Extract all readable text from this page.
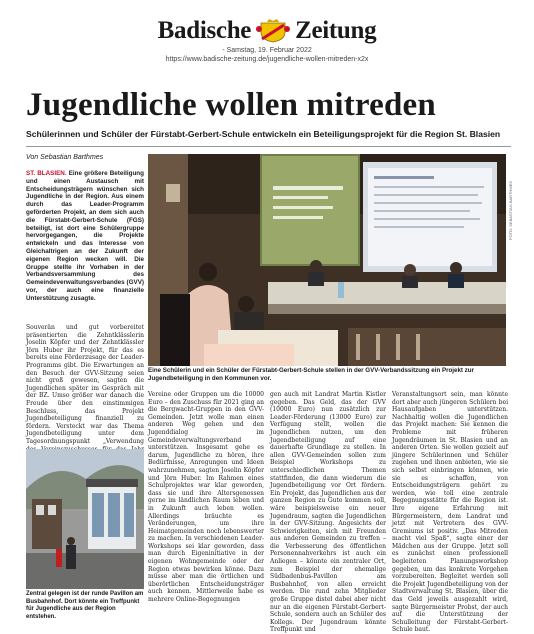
Badische Zeitung
- Samstag, 19. Februar 2022
https://www.badische-zeitung.de/jugendliche-wollen-mitreden-x2x
Jugendliche wollen mitreden
Schülerinnen und Schüler der Fürstabt-Gerbert-Schule entwickeln ein Beteiligungsprojekt für die Region St. Blasien
Von Sebastian Barthmes
ST. BLASIEN. Eine größere Beteiligung und einen Austausch mit Entscheidungsträgern wünschen sich Jugendliche in der Region. Aus einem durch das Leader-Programm geförderten Projekt, an dem sich auch die Fürstabt-Gerbert-Schule (FGS) beteiligt, ist dort eine Schülergruppe hervorgegangen, die Projekte entwickeln und das Interesse von Gleichaltrigen an der Zukunft der eigenen Region wecken will. Die Gruppe stellte ihr Vorhaben in der Verbandsversammlung des Gemeindeverwaltungsverbandes (GVV) vor, der auch eine finanzielle Unterstützung zusagte.
Souverän und gut vorbereitet präsentierten die Zehntklässlerin Joselin Köpfer und der Zehntklässler Jörn Huber ihr Projekt, für das es bereits eine Förderzusage der Leader-Programms gibt. Die Erwartungen an den Besuch der GVV-Sitzung seien nicht groß gewesen, sagten die Jugendlichen später im Gespräch mit der BZ. Umso größer war danach die Freude über den einstimmigen Beschluss, das Projekt Jugendbeteiligung finanziell zu fördern. Versteckt war das Thema Jugendbeteiligung unter dem Tagesordnungspunkt „Verwendung
FOTO: SEBASTIAN BARTHMES
Eine Schülerin und ein Schüler der Fürstabt-Gerbert-Schule stellen in der GVV-Verbandssitzung ein Projekt zur Jugendbeteiligung in den Kommunen vor.
Vereine oder Gruppen um die 10000 Euro – den Zuschuss für 2021 ging an die Bergwacht-Gruppen in den GVV-Gemeinden. Jetzt wolle man einen anderen Weg gehen und den Jugenddialog im Gemeindeverwaltungsverband unterstützen. Insgesamt gehe es darum, Jugendliche zu hören, ihre Bedürfnisse, Anregungen und Ideen wahrzunehmen, sagten Joselin Köpfer und Jörn Huber. Im Rahmen eines Schulprojektes war klar geworden, dass sie und ihre Altersgenossen gerne im ländlichen Raum leben und in Zukunft auch leben wollen. Allerdings bräuchte es Veränderungen, um ihre Heimatgemeinden noch lebenswerter zu machen. In verschiedenen Leader-Workshops sei klar geworden, dass man durch Eigeninitiative in der eigenen Wohngemeinde oder der Region etwas bewirken könne. Dazu müsse aber man die örtlichen und überörtlichen Entscheidungsträger auch kennen. Mittlerweile habe es mehrere Online-Begegnungen
gen auch mit Landrat Martin Kistler gegeben. Das Geld, das der GVV (10000 Euro) nun zusätzlich zur Leader-Förderung (13000 Euro) zur Verfügung stellt, wollen die Jugendlichen nutzen, um den Jugendbeteiligung auf eine dauerhafte Grundlage zu stellen. In allen GVV-Gemeinden sollen zum Beispiel Workshops zu unterschiedlichen Themen stattfinden, die dann wiederum die Jugendbeteiligung vor Ort fördern. Ein Projekt, das Jugendlichen aus der ganzen Region zu Gute kommen soll, wäre beispielsweise ein neuer Jugendraum, sagten die Jugendlichen in der GVV-Sitzung. Angesichts der Schwierigkeiten, sich mit Freunden aus anderen Gemeinden zu treffen – die Verbesserung des öffentlichen Personennahverkehrs ist auch ein Anliegen – könnte ein zentraler Ort, zum Beispiel der ehemalige Südbadenbus-Pavillon am Busbahnhof, von allen erreicht werden. Die rund zehn Mitglieder große Gruppe distel dabei aber nicht nur an die eigenen Fürstabt-Gerbert-Schule, sondern auch an Schüler des Kollegs. Der Jugendraum könnte Treffpunkt und
Veranstaltungsort sein, man könnte dort aber auch jüngeren Schülern bei Hausaufgaben unterstützen. Nachhaltig wollen die Jugendlichen das Projekt machen: Sie kennen die Probleme mit früheren Jugendräumen in St. Blasien und an anderen Orten. Sie wollen gezielt auf jüngere Schülerinnen und Schüler zugehen und ihnen anbieten, wie sie sich selbst einbringen können, wie sie es schaffen, von Entscheidungsträgern gehört zu werden, wie toll eine zentrale Begegnungsstätte für die Region ist. Ihre eigene Erfahrung mit Bürgermeistern, dem Landrat und jetzt mit Vertretern des GVV-Gremiums ist positiv. „Das Mitreden macht viel Spaß“, sagte einer der Mädchen aus der Gruppe. Jetzt soll es zunächst einen professionell begleiteten Planungsworkshop gegeben, um das konkrete Vorgehen vorzubereiten. Begleitet werden soll die Projekt Jugendbeteiligung von der Stadtverwaltung St. Blasien, über die das Geld jeweils ausgezahlt wird, sagte Bürgermeister Probst, der auch auf die Unterstützung der Schulleitung der Fürstabt-Gerbert-Schule baut.
Zentral gelegen ist der runde Pavillon am Busbahnhof. Dort könnte ein Treffpunkt für Jugendliche aus der Region entstehen.
